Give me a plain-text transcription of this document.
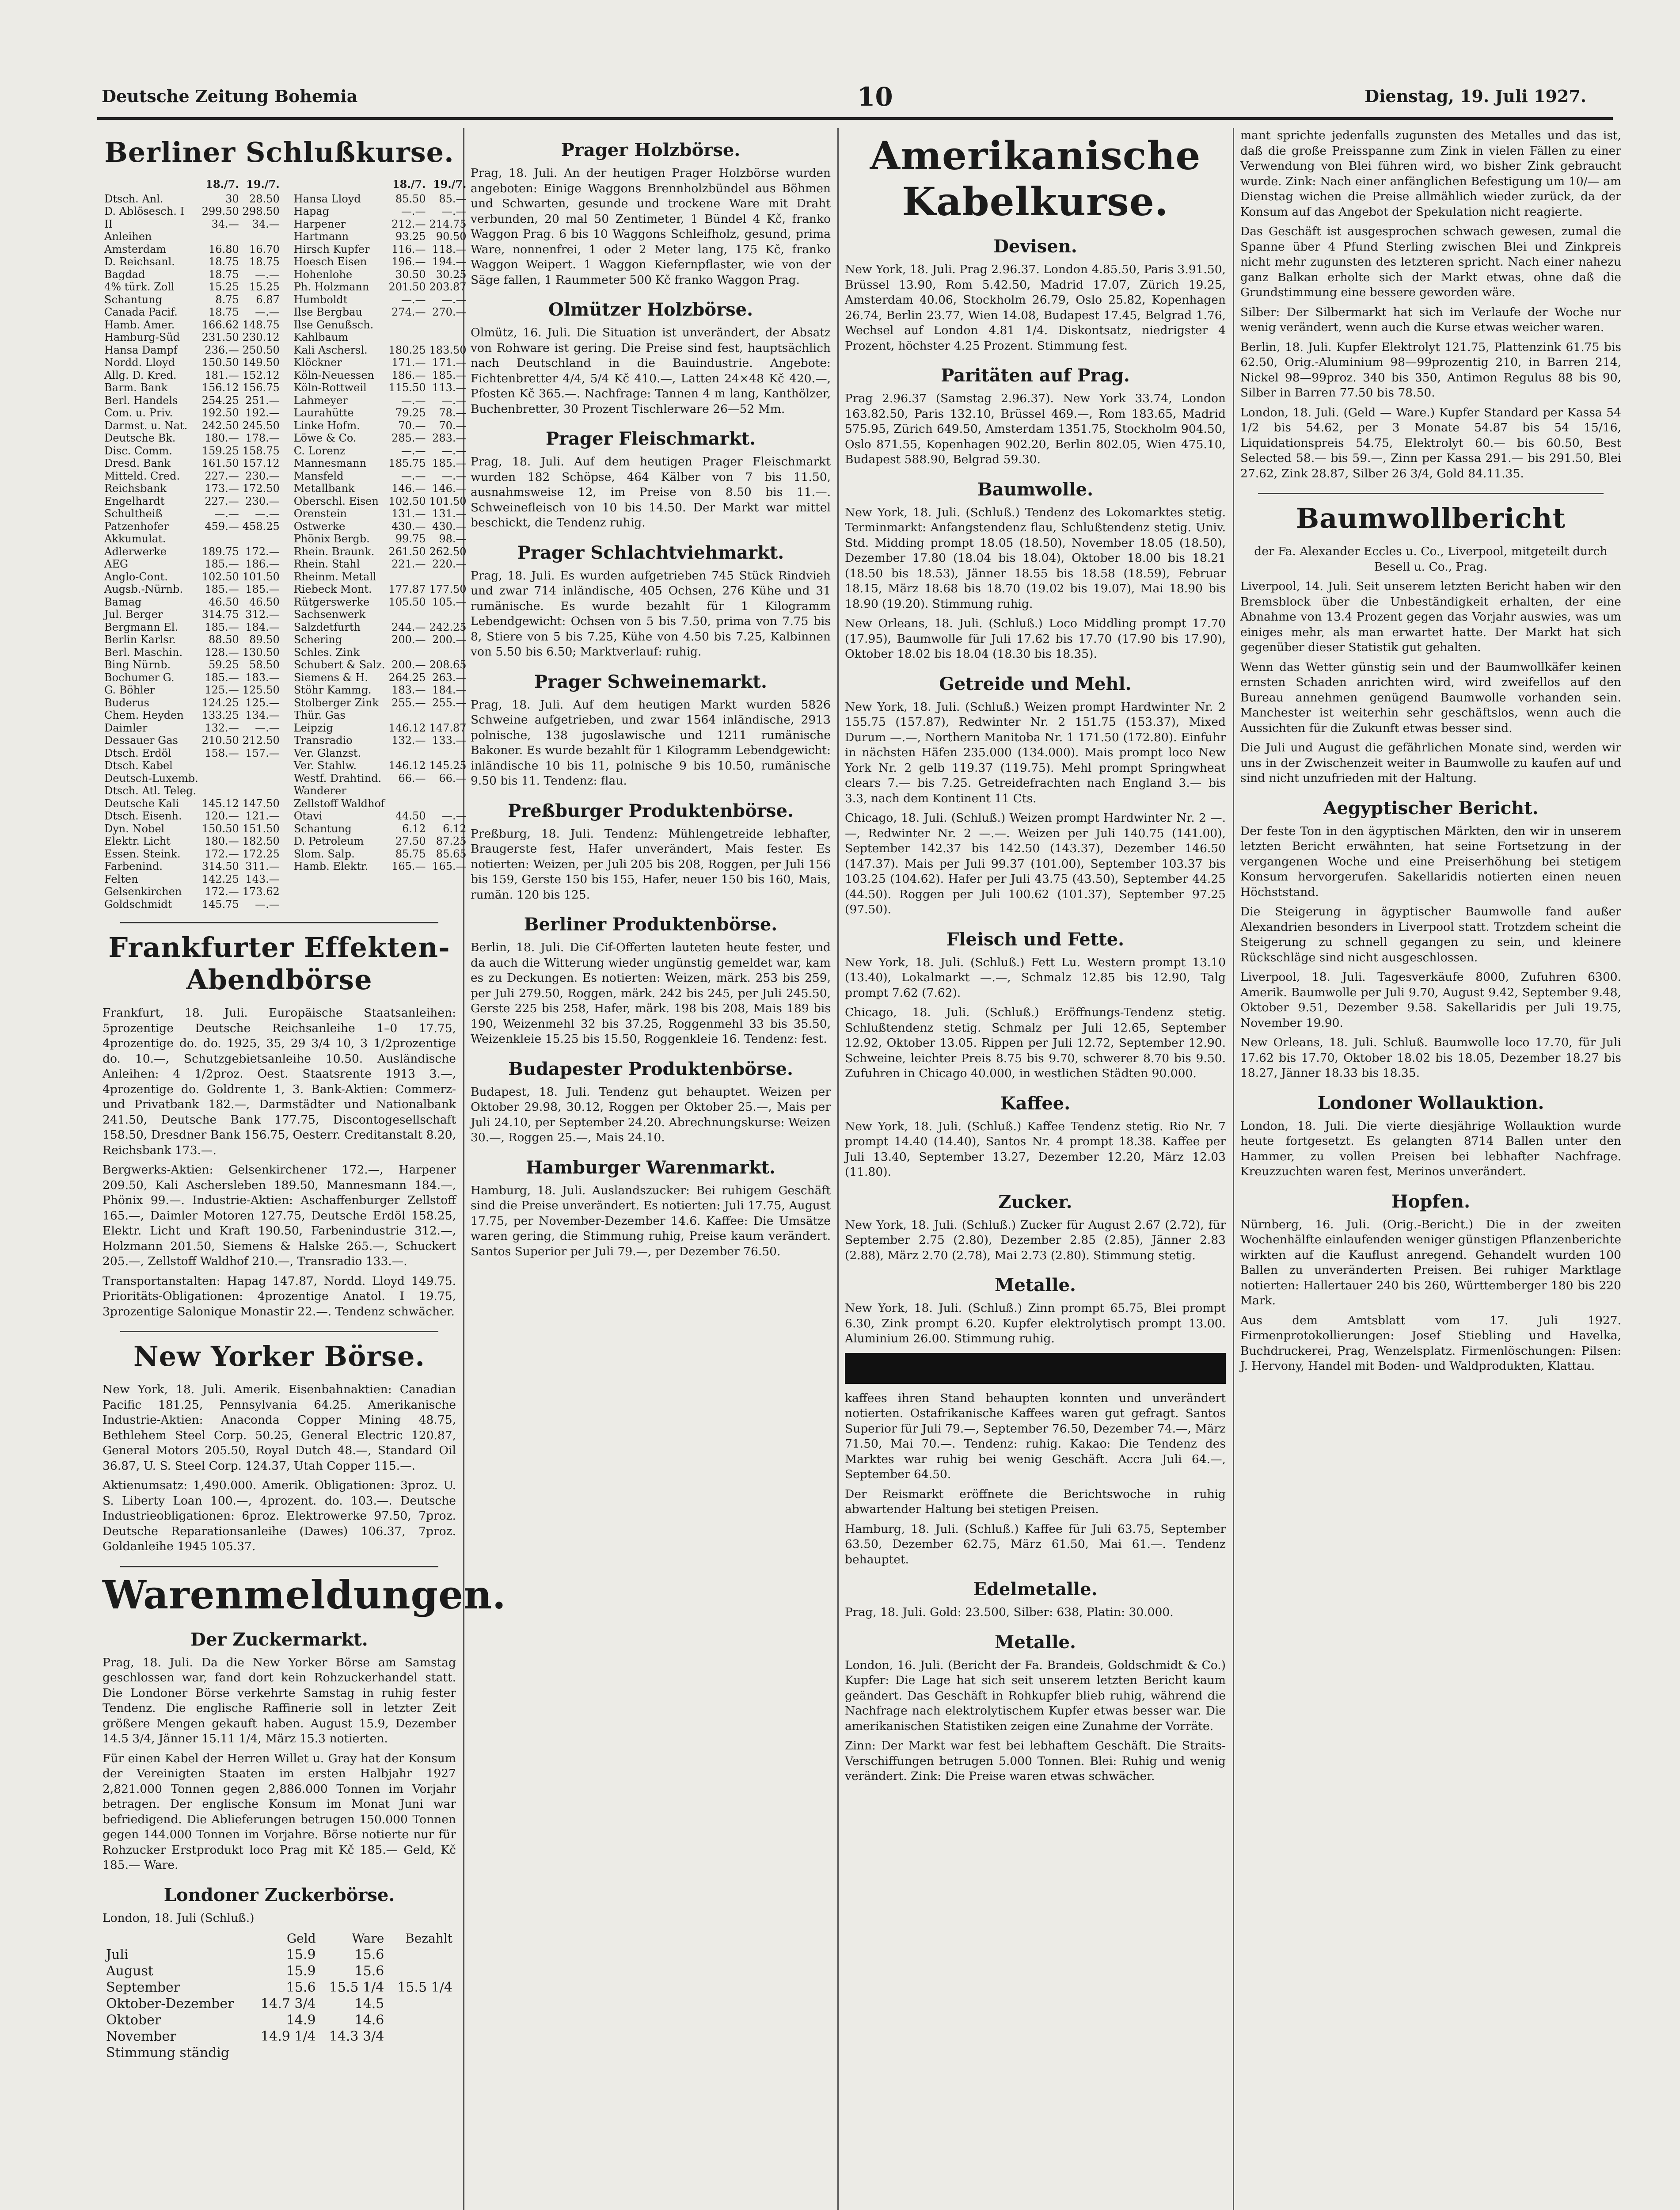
Deutsche Zeitung Bohemia	10	Dienstag, 19. Juli 1927.
Berliner Schlußkurse.
	18./7.	19./7.
Dtsch. Anl.	30	28.50
D. Ablösesch. I	299.50	298.50
II	34.—	34.—
Anleihen		
Amsterdam	16.80	16.70
D. Reichsanl.	18.75	18.75
Bagdad	18.75	—.—
4% türk. Zoll	15.25	15.25
Schantung	8.75	6.87
Canada Pacif.	18.75	—.—
Hamb. Amer.	166.62	148.75
Hamburg-Süd	231.50	230.12
Hansa Dampf	236.—	250.50
Nordd. Lloyd	150.50	149.50
Allg. D. Kred.	181.—	152.12
Barm. Bank	156.12	156.75
Berl. Handels	254.25	251.—
Com. u. Priv.	192.50	192.—
Darmst. u. Nat.	242.50	245.50
Deutsche Bk.	180.—	178.—
Disc. Comm.	159.25	158.75
Dresd. Bank	161.50	157.12
Mitteld. Cred.	227.—	230.—
Reichsbank	173.—	172.50
Engelhardt	227.—	230.—
Schultheiß	—.—	—.—
Patzenhofer	459.—	458.25
Akkumulat.		
Adlerwerke	189.75	172.—
AEG	185.—	186.—
Anglo-Cont.	102.50	101.50
Augsb.-Nürnb.	185.—	185.—
Bamag	46.50	46.50
Jul. Berger	314.75	312.—
Bergmann El.	185.—	184.—
Berlin Karlsr.	88.50	89.50
Berl. Maschin.	128.—	130.50
Bing Nürnb.	59.25	58.50
Bochumer G.	185.—	183.—
G. Böhler	125.—	125.50
Buderus	124.25	125.—
Chem. Heyden	133.25	134.—
Daimler	132.—	—.—
Dessauer Gas	210.50	212.50
Dtsch. Erdöl	158.—	157.—
Dtsch. Kabel		
Deutsch-Luxemb.		
Dtsch. Atl. Teleg.		
Deutsche Kali	145.12	147.50
Dtsch. Eisenh.	120.—	121.—
Dyn. Nobel	150.50	151.50
Elektr. Licht	180.—	182.50
Essen. Steink.	172.—	172.25
Farbenind.	314.50	311.—
Felten	142.25	143.—
Gelsenkirchen	172.—	173.62
Goldschmidt	145.75	—.—
	18./7.	19./7.
Hansa Lloyd	85.50	85.—
Hapag	—.—	—.—
Harpener	212.—	214.75
Hartmann	93.25	90.50
Hirsch Kupfer	116.—	118.—
Hoesch Eisen	196.—	194.—
Hohenlohe	30.50	30.25
Ph. Holzmann	201.50	203.87
Humboldt	—.—	—.—
Ilse Bergbau	274.—	270.—
Ilse Genußsch.		
Kahlbaum		
Kali Aschersl.	180.25	183.50
Klöckner	171.—	171.—
Köln-Neuessen	186.—	185.—
Köln-Rottweil	115.50	113.—
Lahmeyer	—.—	—.—
Laurahütte	79.25	78.—
Linke Hofm.	70.—	70.—
Löwe & Co.	285.—	283.—
C. Lorenz	—.—	—.—
Mannesmann	185.75	185.—
Mansfeld	—.—	—.—
Metallbank	146.—	146.—
Oberschl. Eisen	102.50	101.50
Orenstein	131.—	131.—
Ostwerke	430.—	430.—
Phönix Bergb.	99.75	98.—
Rhein. Braunk.	261.50	262.50
Rhein. Stahl	221.—	220.—
Rheinm. Metall		
Riebeck Mont.	177.87	177.50
Rütgerswerke	105.50	105.—
Sachsenwerk		
Salzdetfurth	244.—	242.25
Schering	200.—	200.—
Schles. Zink		
Schubert & Salz.	200.—	208.65
Siemens & H.	264.25	263.—
Stöhr Kammg.	183.—	184.—
Stolberger Zink	255.—	255.—
Thür. Gas		
Leipzig	146.12	147.87
Transradio	132.—	133.—
Ver. Glanzst.		
Ver. Stahlw.	146.12	145.25
Westf. Drahtind.	66.—	66.—
Wanderer		
Zellstoff Waldhof		
Otavi	44.50	—.—
Schantung	6.12	6.12
D. Petroleum	27.50	87.25
Slom. Salp.	85.75	85.65
Hamb. Elektr.	165.—	165.—
Frankfurter Effekten-Abendbörse

Frankfurt, 18. Juli. Europäische Staatsanleihen: 5prozentige Deutsche Reichsanleihe 1–0 17.75, 4prozentige do. do. 1925, 35, 29 3/4 10, 3 1/2prozentige do. 10.—, Schutzgebietsanleihe 10.50. Ausländische Anleihen: 4 1/2proz. Oest. Staatsrente 1913 3.—, 4prozentige do. Goldrente 1, 3. Bank-Aktien: Commerz- und Privatbank 182.—, Darmstädter und Nationalbank 241.50, Deutsche Bank 177.75, Discontogesellschaft 158.50, Dresdner Bank 156.75, Oesterr. Creditanstalt 8.20, Reichsbank 173.—.

Bergwerks-Aktien: Gelsenkirchener 172.—, Harpener 209.50, Kali Aschersleben 189.50, Mannesmann 184.—, Phönix 99.—. Industrie-Aktien: Aschaffenburger Zellstoff 165.—, Daimler Motoren 127.75, Deutsche Erdöl 158.25, Elektr. Licht und Kraft 190.50, Farbenindustrie 312.—, Holzmann 201.50, Siemens & Halske 265.—, Schuckert 205.—, Zellstoff Waldhof 210.—, Transradio 133.—.

Transportanstalten: Hapag 147.87, Nordd. Lloyd 149.75. Prioritäts-Obligationen: 4prozentige Anatol. I 19.75, 3prozentige Salonique Monastir 22.—. Tendenz schwächer.

New Yorker Börse.

New York, 18. Juli. Amerik. Eisenbahnaktien: Canadian Pacific 181.25, Pennsylvania 64.25. Amerikanische Industrie-Aktien: Anaconda Copper Mining 48.75, Bethlehem Steel Corp. 50.25, General Electric 120.87, General Motors 205.50, Royal Dutch 48.—, Standard Oil 36.87, U. S. Steel Corp. 124.37, Utah Copper 115.—.

Aktienumsatz: 1,490.000. Amerik. Obligationen: 3proz. U. S. Liberty Loan 100.—, 4prozent. do. 103.—. Deutsche Industrieobligationen: 6proz. Elektrowerke 97.50, 7proz. Deutsche Reparationsanleihe (Dawes) 106.37, 7proz. Goldanleihe 1945 105.37.

Warenmeldungen.
Der Zuckermarkt.

Prag, 18. Juli. Da die New Yorker Börse am Samstag geschlossen war, fand dort kein Rohzuckerhandel statt. Die Londoner Börse verkehrte Samstag in ruhig fester Tendenz. Die englische Raffinerie soll in letzter Zeit größere Mengen gekauft haben. August 15.9, Dezember 14.5 3/4, Jänner 15.11 1/4, März 15.3 notierten.

Für einen Kabel der Herren Willet u. Gray hat der Konsum der Vereinigten Staaten im ersten Halbjahr 1927 2,821.000 Tonnen gegen 2,886.000 Tonnen im Vorjahr betragen. Der englische Konsum im Monat Juni war befriedigend. Die Ablieferungen betrugen 150.000 Tonnen gegen 144.000 Tonnen im Vorjahre. Börse notierte nur für Rohzucker Erstprodukt loco Prag mit Kč 185.— Geld, Kč 185.— Ware.

Londoner Zuckerbörse.

London, 18. Juli (Schluß.)

	Geld	Ware	Bezahlt
Juli	15.9	15.6	
August	15.9	15.6	
September	15.6	15.5 1/4	15.5 1/4
Oktober-Dezember	14.7 3/4	14.5	
Oktober	14.9	14.6	
November	14.9 1/4	14.3 3/4	
Stimmung ständig			
Prager Holzbörse.

Prag, 18. Juli. An der heutigen Prager Holzbörse wurden angeboten: Einige Waggons Brennholzbündel aus Böhmen und Schwarten, gesunde und trockene Ware mit Draht verbunden, 20 mal 50 Zentimeter, 1 Bündel 4 Kč, franko Waggon Prag. 6 bis 10 Waggons Schleifholz, gesund, prima Ware, nonnenfrei, 1 oder 2 Meter lang, 175 Kč, franko Waggon Weipert. 1 Waggon Kiefernpflaster, wie von der Säge fallen, 1 Raummeter 500 Kč franko Waggon Prag.

Olmützer Holzbörse.

Olmütz, 16. Juli. Die Situation ist unverändert, der Absatz von Rohware ist gering. Die Preise sind fest, hauptsächlich nach Deutschland in die Bauindustrie. Angebote: Fichtenbretter 4/4, 5/4 Kč 410.—, Latten 24×48 Kč 420.—, Pfosten Kč 365.—. Nachfrage: Tannen 4 m lang, Kanthölzer, Buchenbretter, 30 Prozent Tischlerware 26—52 Mm.

Prager Fleischmarkt.

Prag, 18. Juli. Auf dem heutigen Prager Fleischmarkt wurden 182 Schöpse, 464 Kälber von 7 bis 11.50, ausnahmsweise 12, im Preise von 8.50 bis 11.—. Schweinefleisch von 10 bis 14.50. Der Markt war mittel beschickt, die Tendenz ruhig.

Prager Schlachtviehmarkt.

Prag, 18. Juli. Es wurden aufgetrieben 745 Stück Rindvieh und zwar 714 inländische, 405 Ochsen, 276 Kühe und 31 rumänische. Es wurde bezahlt für 1 Kilogramm Lebendgewicht: Ochsen von 5 bis 7.50, prima von 7.75 bis 8, Stiere von 5 bis 7.25, Kühe von 4.50 bis 7.25, Kalbinnen von 5.50 bis 6.50; Marktverlauf: ruhig.

Prager Schweinemarkt.

Prag, 18. Juli. Auf dem heutigen Markt wurden 5826 Schweine aufgetrieben, und zwar 1564 inländische, 2913 polnische, 138 jugoslawische und 1211 rumänische Bakoner. Es wurde bezahlt für 1 Kilogramm Lebendgewicht: inländische 10 bis 11, polnische 9 bis 10.50, rumänische 9.50 bis 11. Tendenz: flau.

Preßburger Produktenbörse.

Preßburg, 18. Juli. Tendenz: Mühlengetreide lebhafter, Braugerste fest, Hafer unverändert, Mais fester. Es notierten: Weizen, per Juli 205 bis 208, Roggen, per Juli 156 bis 159, Gerste 150 bis 155, Hafer, neuer 150 bis 160, Mais, rumän. 120 bis 125.

Berliner Produktenbörse.

Berlin, 18. Juli. Die Cif-Offerten lauteten heute fester, und da auch die Witterung wieder ungünstig gemeldet war, kam es zu Deckungen. Es notierten: Weizen, märk. 253 bis 259, per Juli 279.50, Roggen, märk. 242 bis 245, per Juli 245.50, Gerste 225 bis 258, Hafer, märk. 198 bis 208, Mais 189 bis 190, Weizenmehl 32 bis 37.25, Roggenmehl 33 bis 35.50, Weizenkleie 15.25 bis 15.50, Roggenkleie 16. Tendenz: fest.

Budapester Produktenbörse.

Budapest, 18. Juli. Tendenz gut behauptet. Weizen per Oktober 29.98, 30.12, Roggen per Oktober 25.—, Mais per Juli 24.10, per September 24.20. Abrechnungskurse: Weizen 30.—, Roggen 25.—, Mais 24.10.

Hamburger Warenmarkt.

Hamburg, 18. Juli. Auslandszucker: Bei ruhigem Geschäft sind die Preise unverändert. Es notierten: Juli 17.75, August 17.75, per November-Dezember 14.6. Kaffee: Die Umsätze waren gering, die Stimmung ruhig, Preise kaum verändert. Santos Superior per Juli 79.—, per Dezember 76.50.

Amerikanische Kabelkurse.
Devisen.

New York, 18. Juli. Prag 2.96.37. London 4.85.50, Paris 3.91.50, Brüssel 13.90, Rom 5.42.50, Madrid 17.07, Zürich 19.25, Amsterdam 40.06, Stockholm 26.79, Oslo 25.82, Kopenhagen 26.74, Berlin 23.77, Wien 14.08, Budapest 17.45, Belgrad 1.76, Wechsel auf London 4.81 1/4. Diskontsatz, niedrigster 4 Prozent, höchster 4.25 Prozent. Stimmung fest.

Paritäten auf Prag.

Prag 2.96.37 (Samstag 2.96.37). New York 33.74, London 163.82.50, Paris 132.10, Brüssel 469.—, Rom 183.65, Madrid 575.95, Zürich 649.50, Amsterdam 1351.75, Stockholm 904.50, Oslo 871.55, Kopenhagen 902.20, Berlin 802.05, Wien 475.10, Budapest 588.90, Belgrad 59.30.

Baumwolle.

New York, 18. Juli. (Schluß.) Tendenz des Lokomarktes stetig. Terminmarkt: Anfangstendenz flau, Schlußtendenz stetig. Univ. Std. Midding prompt 18.05 (18.50), November 18.05 (18.50), Dezember 17.80 (18.04 bis 18.04), Oktober 18.00 bis 18.21 (18.50 bis 18.53), Jänner 18.55 bis 18.58 (18.59), Februar 18.15, März 18.68 bis 18.70 (19.02 bis 19.07), Mai 18.90 bis 18.90 (19.20). Stimmung ruhig.

New Orleans, 18. Juli. (Schluß.) Loco Middling prompt 17.70 (17.95), Baumwolle für Juli 17.62 bis 17.70 (17.90 bis 17.90), Oktober 18.02 bis 18.04 (18.30 bis 18.35).

Getreide und Mehl.

New York, 18. Juli. (Schluß.) Weizen prompt Hardwinter Nr. 2 155.75 (157.87), Redwinter Nr. 2 151.75 (153.37), Mixed Durum —.—, Northern Manitoba Nr. 1 171.50 (172.80). Einfuhr in nächsten Häfen 235.000 (134.000). Mais prompt loco New York Nr. 2 gelb 119.37 (119.75). Mehl prompt Springwheat clears 7.— bis 7.25. Getreidefrachten nach England 3.— bis 3.3, nach dem Kontinent 11 Cts.

Chicago, 18. Juli. (Schluß.) Weizen prompt Hardwinter Nr. 2 —.—, Redwinter Nr. 2 —.—. Weizen per Juli 140.75 (141.00), September 142.37 bis 142.50 (143.37), Dezember 146.50 (147.37). Mais per Juli 99.37 (101.00), September 103.37 bis 103.25 (104.62). Hafer per Juli 43.75 (43.50), September 44.25 (44.50). Roggen per Juli 100.62 (101.37), September 97.25 (97.50).

Fleisch und Fette.

New York, 18. Juli. (Schluß.) Fett Lu. Western prompt 13.10 (13.40), Lokalmarkt —.—, Schmalz 12.85 bis 12.90, Talg prompt 7.62 (7.62).

Chicago, 18. Juli. (Schluß.) Eröffnungs-Tendenz stetig. Schlußtendenz stetig. Schmalz per Juli 12.65, September 12.92, Oktober 13.05. Rippen per Juli 12.72, September 12.90. Schweine, leichter Preis 8.75 bis 9.70, schwerer 8.70 bis 9.50. Zufuhren in Chicago 40.000, in westlichen Städten 90.000.

Kaffee.

New York, 18. Juli. (Schluß.) Kaffee Tendenz stetig. Rio Nr. 7 prompt 14.40 (14.40), Santos Nr. 4 prompt 18.38. Kaffee per Juli 13.40, September 13.27, Dezember 12.20, März 12.03 (11.80).

Zucker.

New York, 18. Juli. (Schluß.) Zucker für August 2.67 (2.72), für September 2.75 (2.80), Dezember 2.85 (2.85), Jänner 2.83 (2.88), März 2.70 (2.78), Mai 2.73 (2.80). Stimmung stetig.

Metalle.

New York, 18. Juli. (Schluß.) Zinn prompt 65.75, Blei prompt 6.30, Zink prompt 6.20. Kupfer elektrolytisch prompt 13.00. Aluminium 26.00. Stimmung ruhig.

kaffees ihren Stand behaupten konnten und unverändert notierten. Ostafrikanische Kaffees waren gut gefragt. Santos Superior für Juli 79.—, September 76.50, Dezember 74.—, März 71.50, Mai 70.—. Tendenz: ruhig. Kakao: Die Tendenz des Marktes war ruhig bei wenig Geschäft. Accra Juli 64.—, September 64.50.

Der Reismarkt eröffnete die Berichtswoche in ruhig abwartender Haltung bei stetigen Preisen.

Hamburg, 18. Juli. (Schluß.) Kaffee für Juli 63.75, September 63.50, Dezember 62.75, März 61.50, Mai 61.—. Tendenz behauptet.

Edelmetalle.

Prag, 18. Juli. Gold: 23.500, Silber: 638, Platin: 30.000.

Metalle.

London, 16. Juli. (Bericht der Fa. Brandeis, Goldschmidt & Co.) Kupfer: Die Lage hat sich seit unserem letzten Bericht kaum geändert. Das Geschäft in Rohkupfer blieb ruhig, während die Nachfrage nach elektrolytischem Kupfer etwas besser war. Die amerikanischen Statistiken zeigen eine Zunahme der Vorräte.

Zinn: Der Markt war fest bei lebhaftem Geschäft. Die Straits-Verschiffungen betrugen 5.000 Tonnen. Blei: Ruhig und wenig verändert. Zink: Die Preise waren etwas schwächer.

mant sprichte jedenfalls zugunsten des Metalles und das ist, daß die große Preisspanne zum Zink in vielen Fällen zu einer Verwendung von Blei führen wird, wo bisher Zink gebraucht wurde. Zink: Nach einer anfänglichen Befestigung um 10/— am Dienstag wichen die Preise allmählich wieder zurück, da der Konsum auf das Angebot der Spekulation nicht reagierte.

Das Geschäft ist ausgesprochen schwach gewesen, zumal die Spanne über 4 Pfund Sterling zwischen Blei und Zinkpreis nicht mehr zugunsten des letzteren spricht. Nach einer nahezu ganz Balkan erholte sich der Markt etwas, ohne daß die Grundstimmung eine bessere geworden wäre.

Silber: Der Silbermarkt hat sich im Verlaufe der Woche nur wenig verändert, wenn auch die Kurse etwas weicher waren.

Berlin, 18. Juli. Kupfer Elektrolyt 121.75, Plattenzink 61.75 bis 62.50, Orig.-Aluminium 98—99prozentig 210, in Barren 214, Nickel 98—99proz. 340 bis 350, Antimon Regulus 88 bis 90, Silber in Barren 77.50 bis 78.50.

London, 18. Juli. (Geld — Ware.) Kupfer Standard per Kassa 54 1/2 bis 54.62, per 3 Monate 54.87 bis 54 15/16, Liquidationspreis 54.75, Elektrolyt 60.— bis 60.50, Best Selected 58.— bis 59.—, Zinn per Kassa 291.— bis 291.50, Blei 27.62, Zink 28.87, Silber 26 3/4, Gold 84.11.35.

Baumwollbericht

der Fa. Alexander Eccles u. Co., Liverpool, mitgeteilt durch Besell u. Co., Prag.

Liverpool, 14. Juli. Seit unserem letzten Bericht haben wir den Bremsblock über die Unbeständigkeit erhalten, der eine Abnahme von 13.4 Prozent gegen das Vorjahr auswies, was um einiges mehr, als man erwartet hatte. Der Markt hat sich gegenüber dieser Statistik gut gehalten.

Wenn das Wetter günstig sein und der Baumwollkäfer keinen ernsten Schaden anrichten wird, wird zweifellos auf den Bureau annehmen genügend Baumwolle vorhanden sein. Manchester ist weiterhin sehr geschäftslos, wenn auch die Aussichten für die Zukunft etwas besser sind.

Die Juli und August die gefährlichen Monate sind, werden wir uns in der Zwischenzeit weiter in Baumwolle zu kaufen auf und sind nicht unzufrieden mit der Haltung.

Aegyptischer Bericht.

Der feste Ton in den ägyptischen Märkten, den wir in unserem letzten Bericht erwähnten, hat seine Fortsetzung in der vergangenen Woche und eine Preiserhöhung bei stetigem Konsum hervorgerufen. Sakellaridis notierten einen neuen Höchststand.

Die Steigerung in ägyptischer Baumwolle fand außer Alexandrien besonders in Liverpool statt. Trotzdem scheint die Steigerung zu schnell gegangen zu sein, und kleinere Rückschläge sind nicht ausgeschlossen.

Liverpool, 18. Juli. Tagesverkäufe 8000, Zufuhren 6300. Amerik. Baumwolle per Juli 9.70, August 9.42, September 9.48, Oktober 9.51, Dezember 9.58. Sakellaridis per Juli 19.75, November 19.90.

New Orleans, 18. Juli. Schluß. Baumwolle loco 17.70, für Juli 17.62 bis 17.70, Oktober 18.02 bis 18.05, Dezember 18.27 bis 18.27, Jänner 18.33 bis 18.35.

Londoner Wollauktion.

London, 18. Juli. Die vierte diesjährige Wollauktion wurde heute fortgesetzt. Es gelangten 8714 Ballen unter den Hammer, zu vollen Preisen bei lebhafter Nachfrage. Kreuzzuchten waren fest, Merinos unverändert.

Hopfen.

Nürnberg, 16. Juli. (Orig.-Bericht.) Die in der zweiten Wochenhälfte einlaufenden weniger günstigen Pflanzenberichte wirkten auf die Kauflust anregend. Gehandelt wurden 100 Ballen zu unveränderten Preisen. Bei ruhiger Marktlage notierten: Hallertauer 240 bis 260, Württemberger 180 bis 220 Mark.

Aus dem Amtsblatt vom 17. Juli 1927. Firmenprotokollierungen: Josef Stiebling und Havelka, Buchdruckerei, Prag, Wenzelsplatz. Firmenlöschungen: Pilsen: J. Hervony, Handel mit Boden- und Waldprodukten, Klattau.
